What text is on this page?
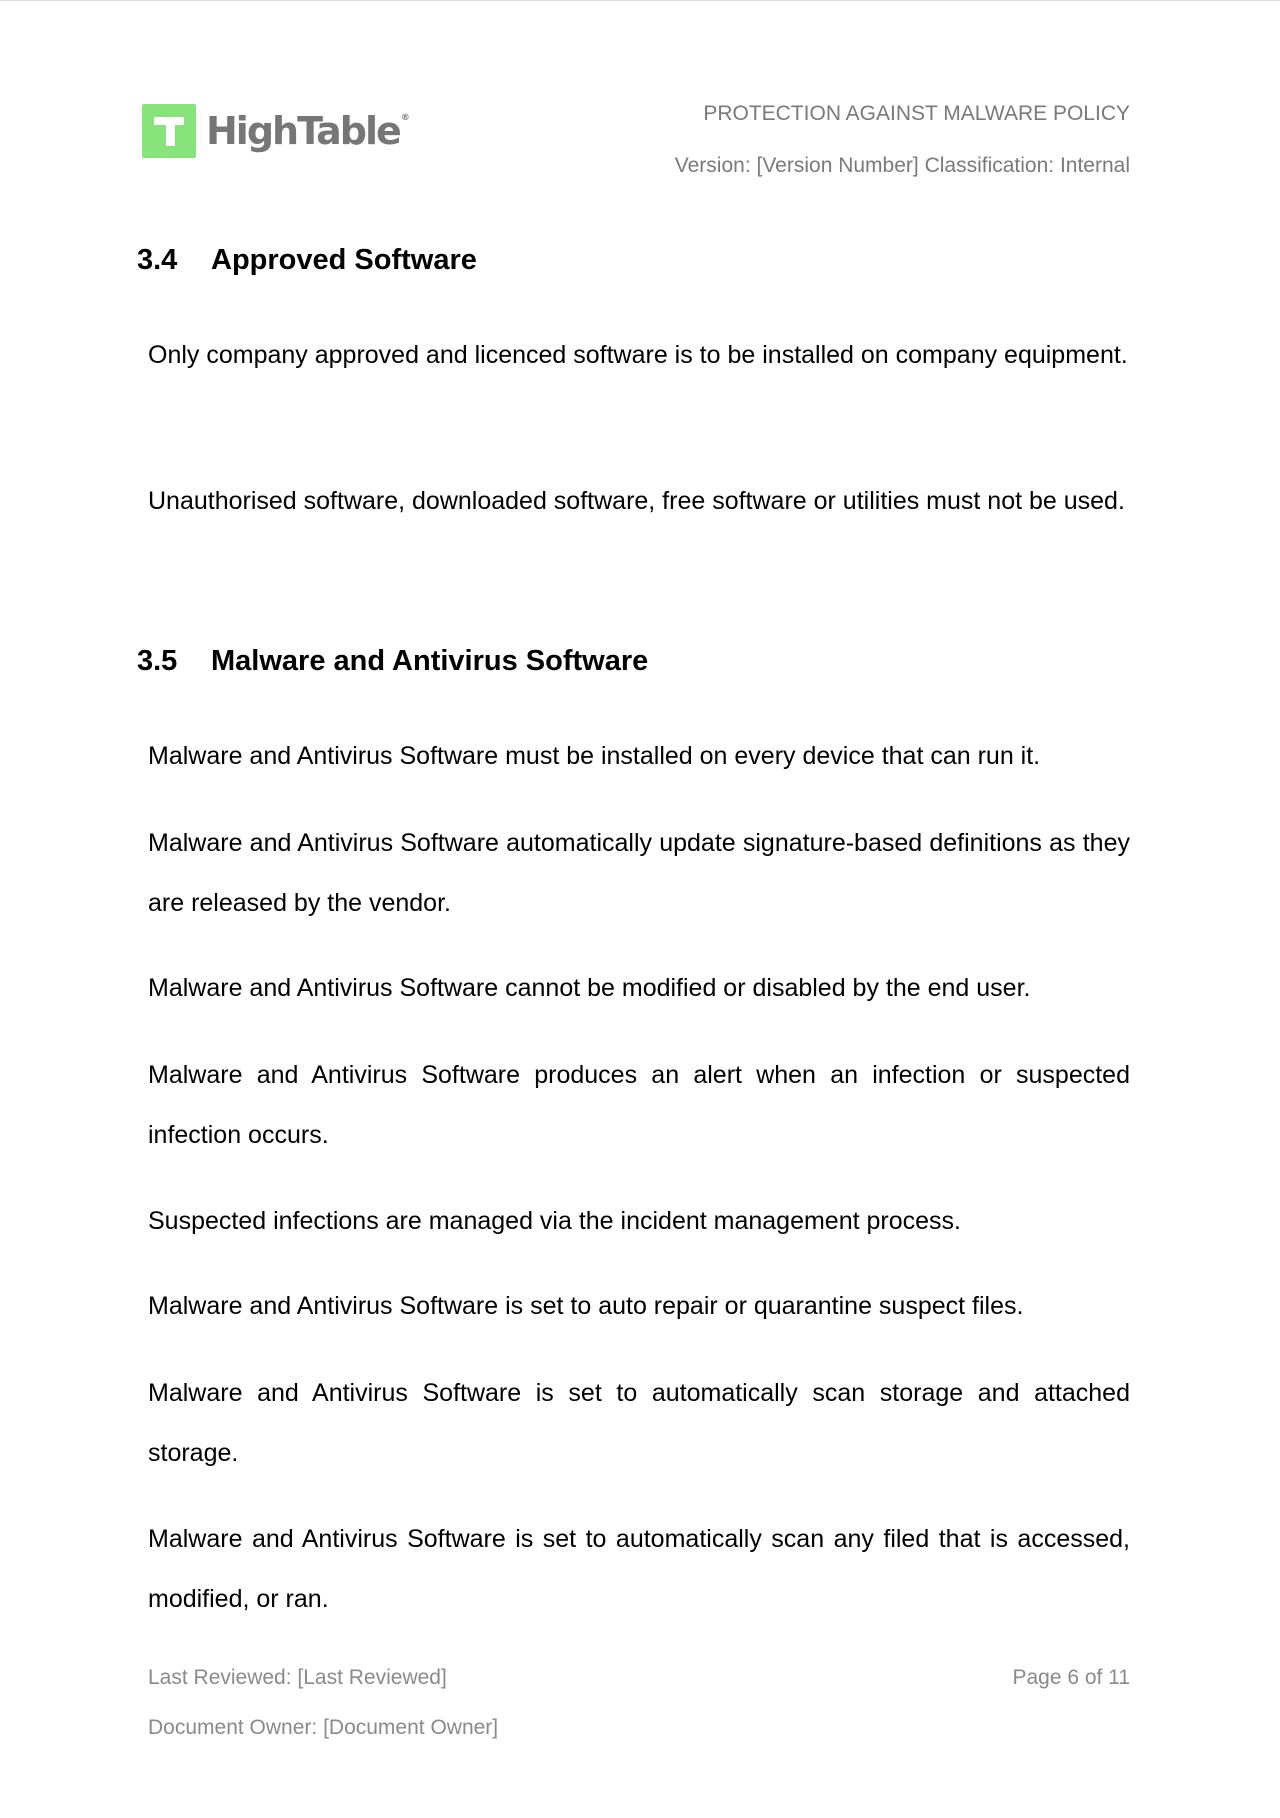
HighTable®	PROTECTION AGAINST MALWARE POLICY
Version: [Version Number] Classification: Internal
3.4 Approved Software
Only company approved and licenced software is to be installed on company equipment.
Unauthorised software, downloaded software, free software or utilities must not be used.
3.5 Malware and Antivirus Software
Malware and Antivirus Software must be installed on every device that can run it.
Malware and Antivirus Software automatically update signature-based definitions as they are released by the vendor.
Malware and Antivirus Software cannot be modified or disabled by the end user.
Malware and Antivirus Software produces an alert when an infection or suspected infection occurs.
Suspected infections are managed via the incident management process.
Malware and Antivirus Software is set to auto repair or quarantine suspect files.
Malware and Antivirus Software is set to automatically scan storage and attached storage.
Malware and Antivirus Software is set to automatically scan any filed that is accessed, modified, or ran.
Last Reviewed: [Last Reviewed]
Document Owner: [Document Owner]
Page 6 of 11
